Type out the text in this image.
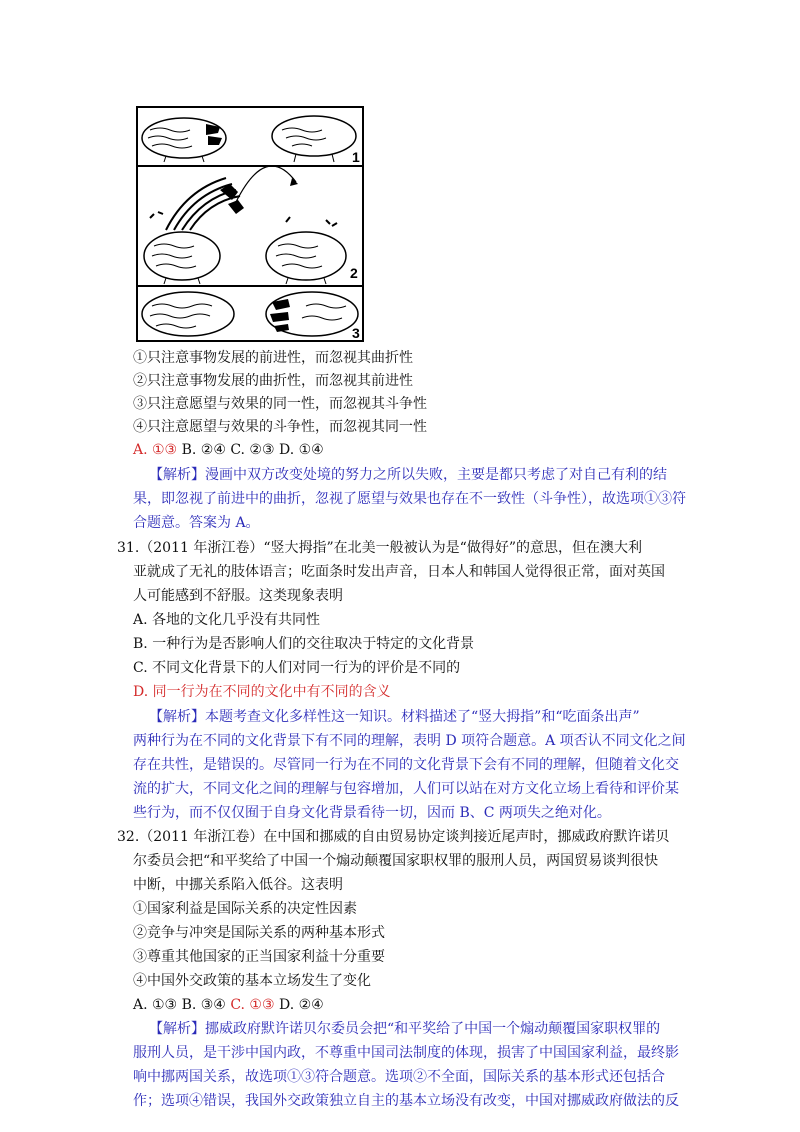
1
2
3
①只注意事物发展的前进性，而忽视其曲折性
②只注意事物发展的曲折性，而忽视其前进性
③只注意愿望与效果的同一性，而忽视其斗争性
④只注意愿望与效果的斗争性，而忽视其同一性
A. ①③ B. ②④ C. ②③ D. ①④
【解析】漫画中双方改变处境的努力之所以失败，主要是都只考虑了对自己有利的结
果，即忽视了前进中的曲折，忽视了愿望与效果也存在不一致性（斗争性），故选项①③符
合题意。答案为 A。
31.（2011 年浙江卷）“竖大拇指”在北美一般被认为是“做得好”的意思，但在澳大利
亚就成了无礼的肢体语言；吃面条时发出声音，日本人和韩国人觉得很正常，面对英国
人可能感到不舒服。这类现象表明
A. 各地的文化几乎没有共同性
B. 一种行为是否影响人们的交往取决于特定的文化背景
C. 不同文化背景下的人们对同一行为的评价是不同的
D. 同一行为在不同的文化中有不同的含义
【解析】本题考查文化多样性这一知识。材料描述了“竖大拇指”和“吃面条出声”
两种行为在不同的文化背景下有不同的理解，表明 D 项符合题意。A 项否认不同文化之间
存在共性，是错误的。尽管同一行为在不同的文化背景下会有不同的理解，但随着文化交
流的扩大，不同文化之间的理解与包容增加，人们可以站在对方文化立场上看待和评价某
些行为，而不仅仅囿于自身文化背景看待一切，因而 B、C 两项失之绝对化。
32.（2011 年浙江卷）在中国和挪威的自由贸易协定谈判接近尾声时，挪威政府默许诺贝
尔委员会把“和平奖给了中国一个煽动颠覆国家职权罪的服刑人员，两国贸易谈判很快
中断，中挪关系陷入低谷。这表明
①国家利益是国际关系的决定性因素
②竞争与冲突是国际关系的两种基本形式
③尊重其他国家的正当国家利益十分重要
④中国外交政策的基本立场发生了变化
A. ①③ B. ③④ C. ①③ D. ②④
【解析】挪威政府默许诺贝尔委员会把“和平奖给了中国一个煽动颠覆国家职权罪的
服刑人员，是干涉中国内政，不尊重中国司法制度的体现，损害了中国国家利益，最终影
响中挪两国关系，故选项①③符合题意。选项②不全面，国际关系的基本形式还包括合
作；选项④错误，我国外交政策独立自主的基本立场没有改变，中国对挪威政府做法的反
